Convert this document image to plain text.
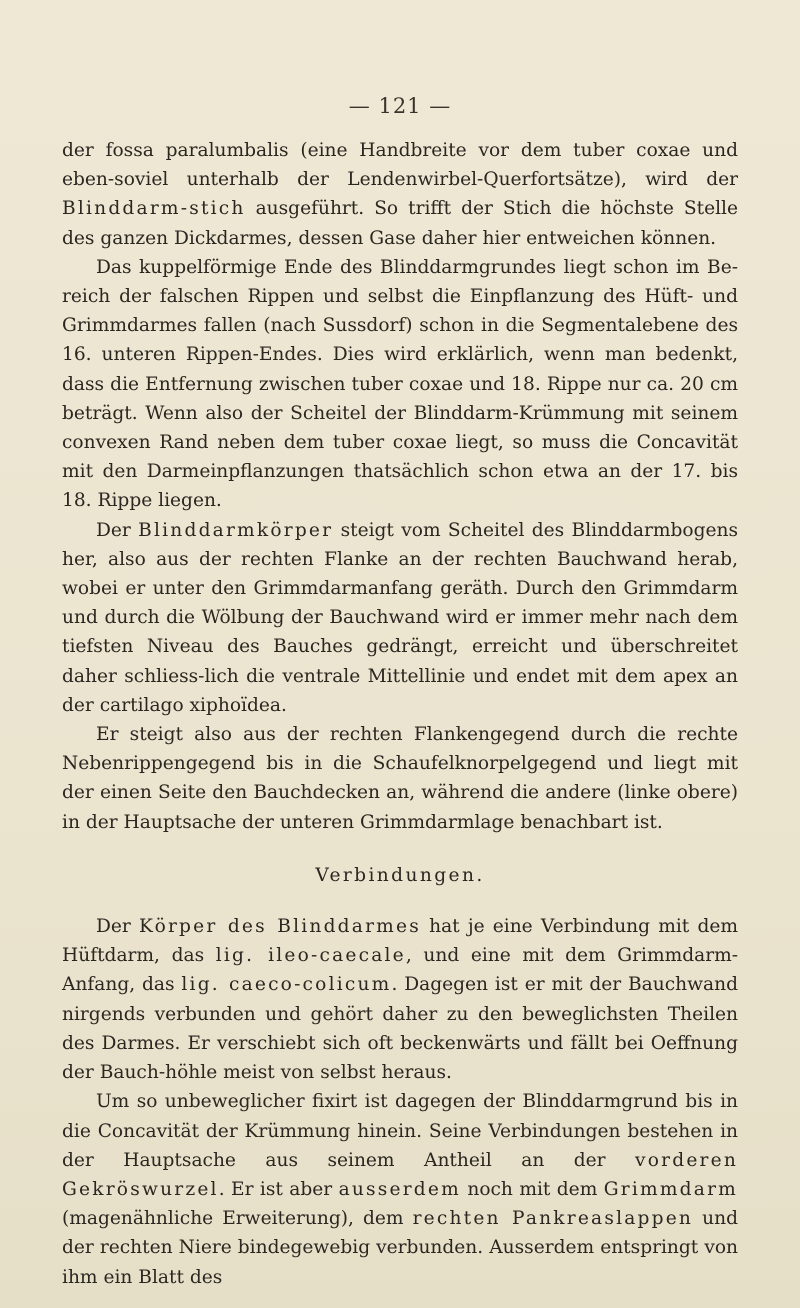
— 121 —

der fossa paralumbalis (eine Handbreite vor dem tuber coxae und eben-soviel unterhalb der Lendenwirbel-Querfortsätze), wird der Blinddarm-stich ausgeführt. So trifft der Stich die höchste Stelle des ganzen Dickdarmes, dessen Gase daher hier entweichen können.

Das kuppelförmige Ende des Blinddarmgrundes liegt schon im Be-reich der falschen Rippen und selbst die Einpflanzung des Hüft- und Grimmdarmes fallen (nach Sussdorf) schon in die Segmentalebene des 16. unteren Rippen-Endes. Dies wird erklärlich, wenn man bedenkt, dass die Entfernung zwischen tuber coxae und 18. Rippe nur ca. 20 cm beträgt. Wenn also der Scheitel der Blinddarm-Krümmung mit seinem convexen Rand neben dem tuber coxae liegt, so muss die Concavität mit den Darmeinpflanzungen thatsächlich schon etwa an der 17. bis 18. Rippe liegen.

Der Blinddarmkörper steigt vom Scheitel des Blinddarmbogens her, also aus der rechten Flanke an der rechten Bauchwand herab, wobei er unter den Grimmdarmanfang geräth. Durch den Grimmdarm und durch die Wölbung der Bauchwand wird er immer mehr nach dem tiefsten Niveau des Bauches gedrängt, erreicht und überschreitet daher schliess-lich die ventrale Mittellinie und endet mit dem apex an der cartilago xiphoïdea.

Er steigt also aus der rechten Flankengegend durch die rechte Nebenrippengegend bis in die Schaufelknorpelgegend und liegt mit der einen Seite den Bauchdecken an, während die andere (linke obere) in der Hauptsache der unteren Grimmdarmlage benachbart ist.

Verbindungen.

Der Körper des Blinddarmes hat je eine Verbindung mit dem Hüftdarm, das lig. ileo-caecale, und eine mit dem Grimmdarm-Anfang, das lig. caeco-colicum. Dagegen ist er mit der Bauchwand nirgends verbunden und gehört daher zu den beweglichsten Theilen des Darmes. Er verschiebt sich oft beckenwärts und fällt bei Oeffnung der Bauch-höhle meist von selbst heraus.

Um so unbeweglicher fixirt ist dagegen der Blinddarmgrund bis in die Concavität der Krümmung hinein. Seine Verbindungen bestehen in der Hauptsache aus seinem Antheil an der vorderen Gekröswurzel. Er ist aber ausserdem noch mit dem Grimmdarm (magenähnliche Erweiterung), dem rechten Pankreaslappen und der rechten Niere bindegewebig verbunden. Ausserdem entspringt von ihm ein Blatt des
